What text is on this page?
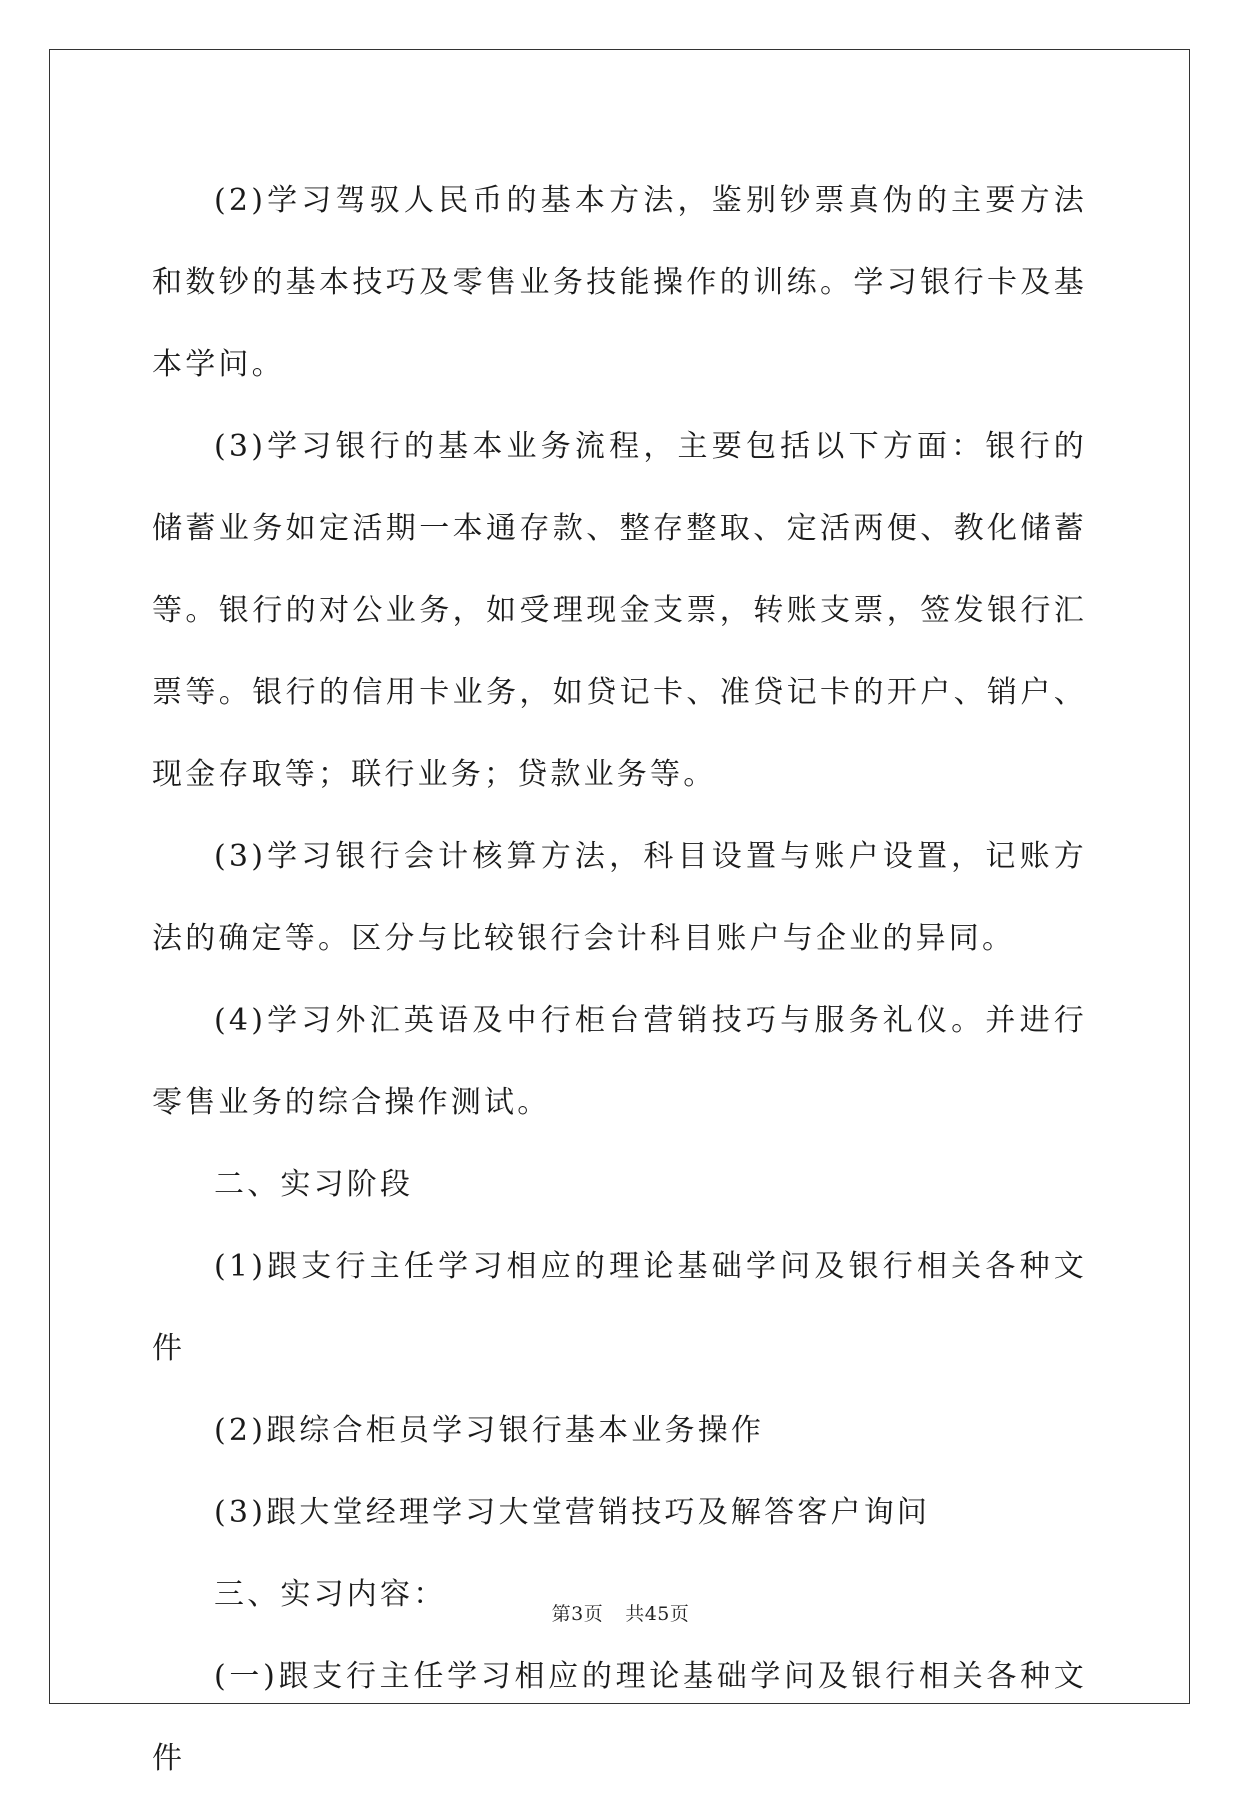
(2)学习驾驭人民币的基本方法，鉴别钞票真伪的主要方法和数钞的基本技巧及零售业务技能操作的训练。学习银行卡及基本学问。

(3)学习银行的基本业务流程，主要包括以下方面：银行的储蓄业务如定活期一本通存款、整存整取、定活两便、教化储蓄等。银行的对公业务，如受理现金支票，转账支票，签发银行汇票等。银行的信用卡业务，如贷记卡、准贷记卡的开户、销户、现金存取等；联行业务；贷款业务等。

(3)学习银行会计核算方法，科目设置与账户设置，记账方法的确定等。区分与比较银行会计科目账户与企业的异同。

(4)学习外汇英语及中行柜台营销技巧与服务礼仪。并进行零售业务的综合操作测试。

二、实习阶段

(1)跟支行主任学习相应的理论基础学问及银行相关各种文件

(2)跟综合柜员学习银行基本业务操作

(3)跟大堂经理学习大堂营销技巧及解答客户询问

三、实习内容：

(一)跟支行主任学习相应的理论基础学问及银行相关各种文件

第3页 共45页
